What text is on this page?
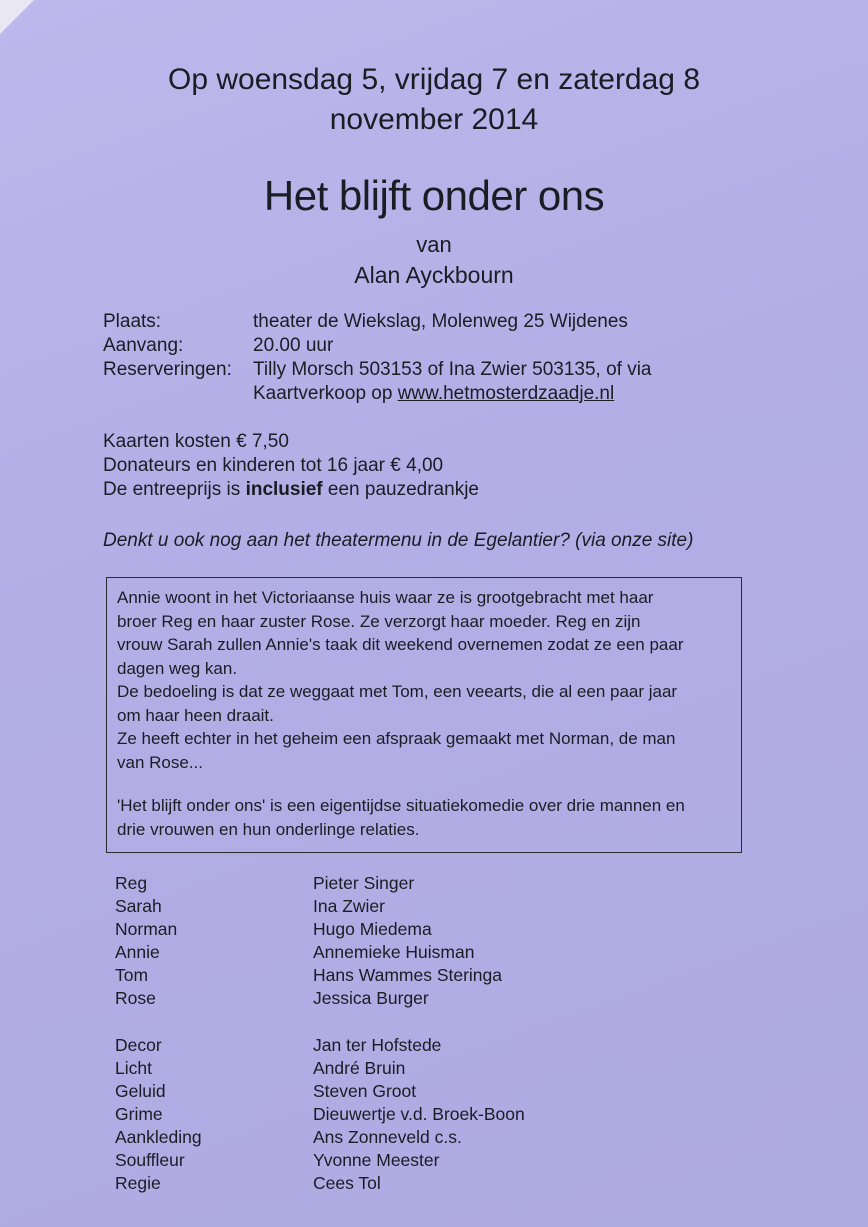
Op woensdag 5, vrijdag 7 en zaterdag 8
november 2014
Het blijft onder ons
van
Alan Ayckbourn
Plaats:	theater de Wiekslag, Molenweg 25 Wijdenes
Aanvang:	20.00 uur
Reserveringen:	Tilly Morsch 503153 of Ina Zwier 503135, of via
Kaartverkoop op www.hetmosterdzaadje.nl
Kaarten kosten € 7,50
Donateurs en kinderen tot 16 jaar € 4,00
De entreeprijs is inclusief een pauzedrankje
Denkt u ook nog aan het theatermenu in de Egelantier? (via onze site)

Annie woont in het Victoriaanse huis waar ze is grootgebracht met haar

broer Reg en haar zuster Rose. Ze verzorgt haar moeder. Reg en zijn

vrouw Sarah zullen Annie's taak dit weekend overnemen zodat ze een paar

dagen weg kan.

De bedoeling is dat ze weggaat met Tom, een veearts, die al een paar jaar

om haar heen draait.

Ze heeft echter in het geheim een afspraak gemaakt met Norman, de man

van Rose...

'Het blijft onder ons' is een eigentijdse situatiekomedie over drie mannen en

drie vrouwen en hun onderlinge relaties.

Reg	Pieter Singer
Sarah	Ina Zwier
Norman	Hugo Miedema
Annie	Annemieke Huisman
Tom	Hans Wammes Steringa
Rose	Jessica Burger
Decor	Jan ter Hofstede
Licht	André Bruin
Geluid	Steven Groot
Grime	Dieuwertje v.d. Broek-Boon
Aankleding	Ans Zonneveld c.s.
Souffleur	Yvonne Meester
Regie	Cees Tol
